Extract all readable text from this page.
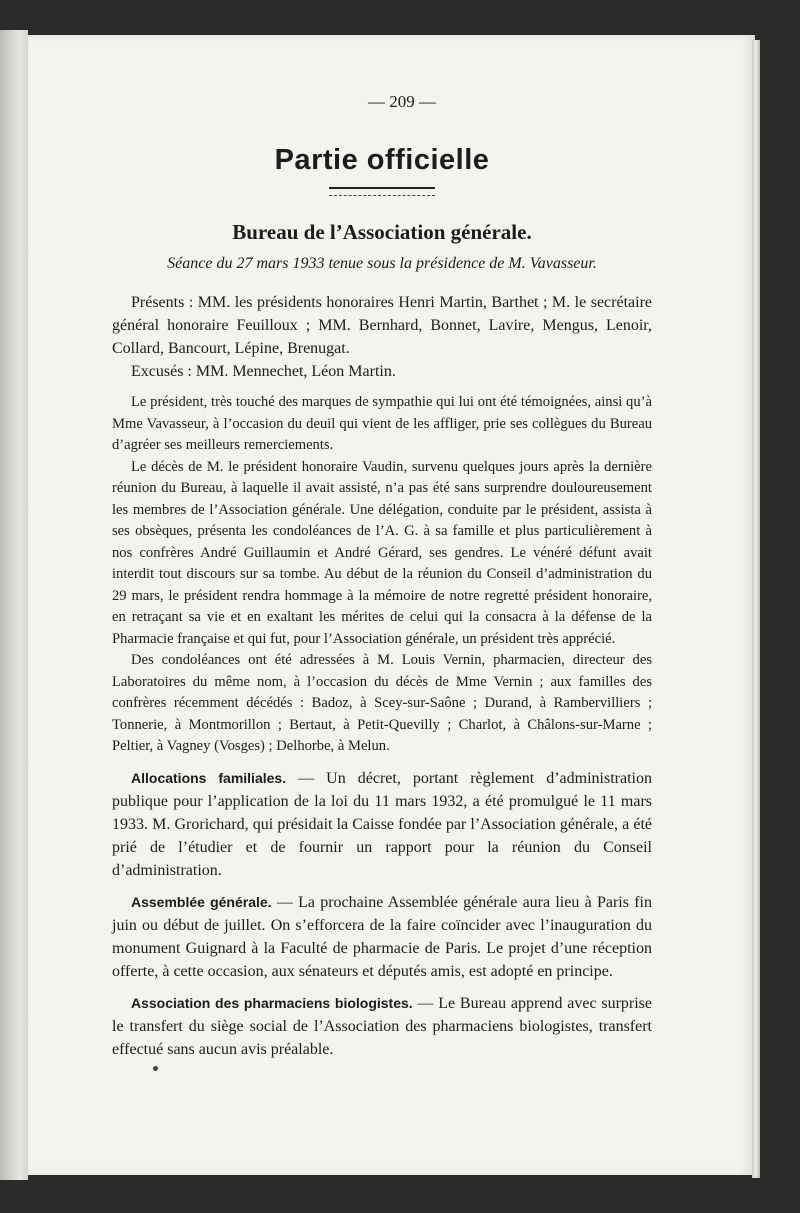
— 209 —
Partie officielle
Bureau de l’Association générale.
Séance du 27 mars 1933 tenue sous la présidence de M. Vavasseur.

Présents : MM. les présidents honoraires Henri Martin, Barthet ; M. le secrétaire général honoraire Feuilloux ; MM. Bernhard, Bonnet, Lavire, Mengus, Lenoir, Collard, Bancourt, Lépine, Brenugat.

Excusés : MM. Mennechet, Léon Martin.

Le président, très touché des marques de sympathie qui lui ont été témoignées, ainsi qu’à Mme Vavasseur, à l’occasion du deuil qui vient de les affliger, prie ses collègues du Bureau d’agréer ses meilleurs remerciements.

Le décès de M. le président honoraire Vaudin, survenu quelques jours après la dernière réunion du Bureau, à laquelle il avait assisté, n’a pas été sans surprendre douloureusement les membres de l’Association générale. Une délégation, conduite par le président, assista à ses obsèques, présenta les condoléances de l’A. G. à sa famille et plus particulièrement à nos confrères André Guillaumin et André Gérard, ses gendres. Le vénéré défunt avait interdit tout discours sur sa tombe. Au début de la réunion du Conseil d’administration du 29 mars, le président rendra hommage à la mémoire de notre regretté président honoraire, en retraçant sa vie et en exaltant les mérites de celui qui la consacra à la défense de la Pharmacie française et qui fut, pour l’Association générale, un président très apprécié.

Des condoléances ont été adressées à M. Louis Vernin, pharmacien, directeur des Laboratoires du même nom, à l’occasion du décès de Mme Vernin ; aux familles des confrères récemment décédés : Badoz, à Scey-sur-Saône ; Durand, à Rambervilliers ; Tonnerie, à Montmorillon ; Bertaut, à Petit-Quevilly ; Charlot, à Châlons-sur-Marne ; Peltier, à Vagney (Vosges) ; Delhorbe, à Melun.

Allocations familiales. — Un décret, portant règlement d’administration publique pour l’application de la loi du 11 mars 1932, a été promulgué le 11 mars 1933. M. Grorichard, qui présidait la Caisse fondée par l’Association générale, a été prié de l’étudier et de fournir un rapport pour la réunion du Conseil d’administration.

Assemblée générale. — La prochaine Assemblée générale aura lieu à Paris fin juin ou début de juillet. On s’efforcera de la faire coïncider avec l’inauguration du monument Guignard à la Faculté de pharmacie de Paris. Le projet d’une réception offerte, à cette occasion, aux sénateurs et députés amis, est adopté en principe.

Association des pharmaciens biologistes. — Le Bureau apprend avec surprise le transfert du siège social de l’Association des pharmaciens biologistes, transfert effectué sans aucun avis préalable.
